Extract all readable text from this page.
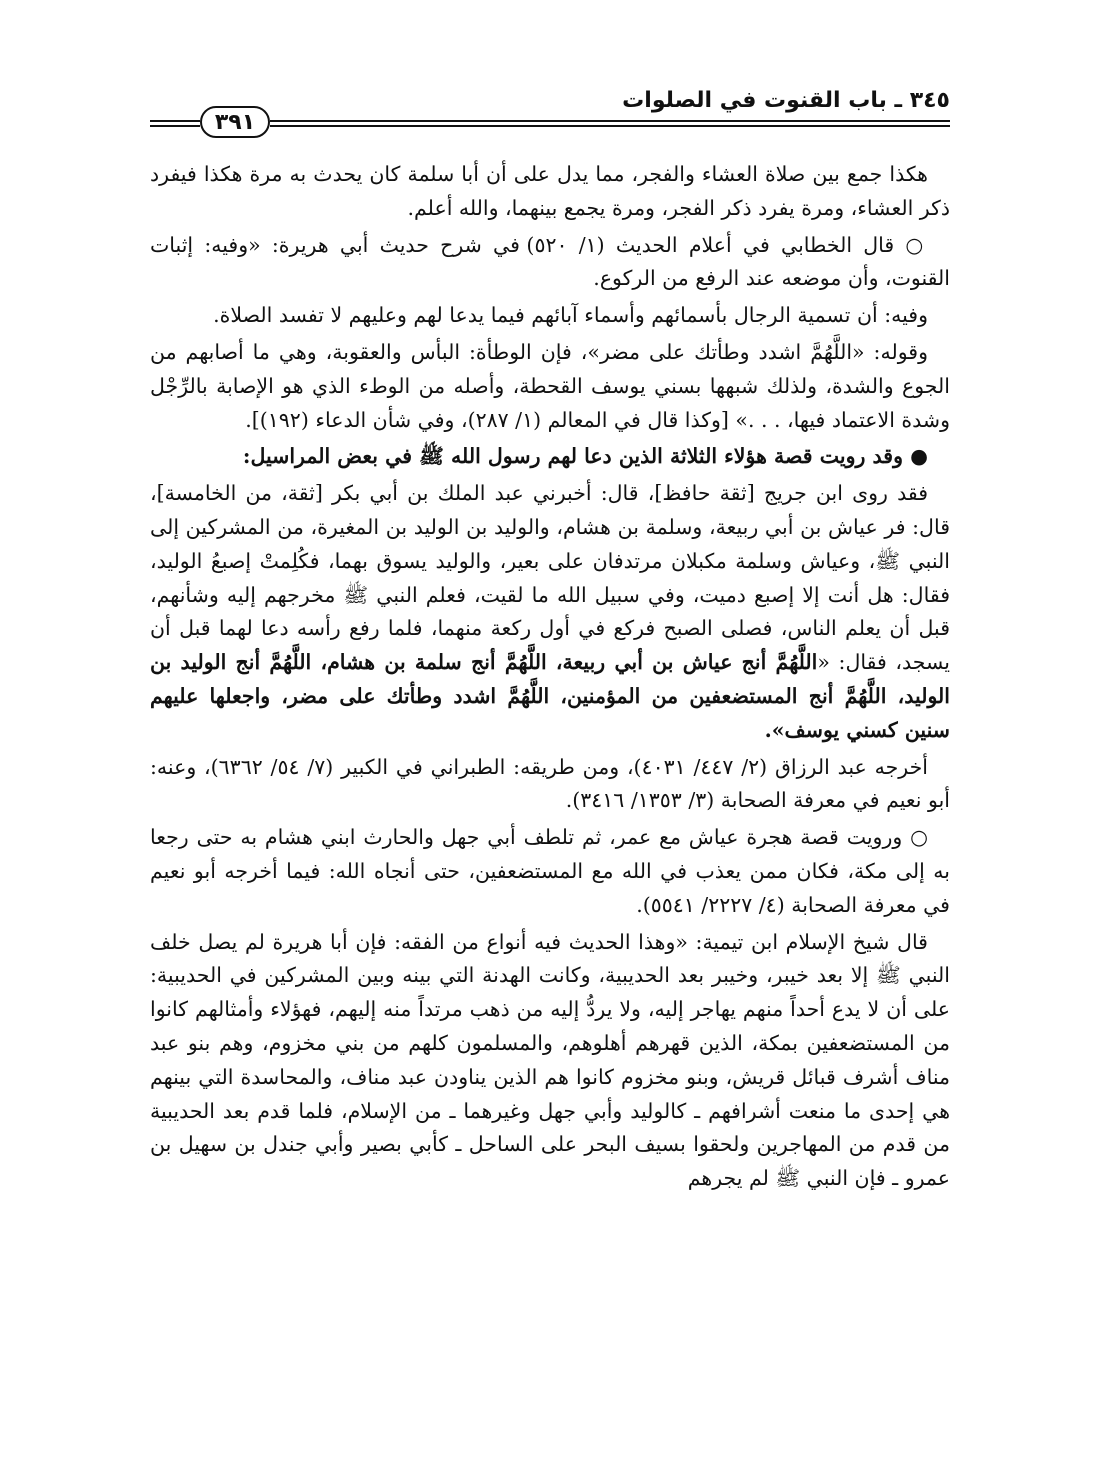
٣٤٥ ـ باب القنوت في الصلوات
٣٩١

هكذا جمع بين صلاة العشاء والفجر، مما يدل على أن أبا سلمة كان يحدث به مرة هكذا فيفرد ذكر العشاء، ومرة يفرد ذكر الفجر، ومرة يجمع بينهما، والله أعلم.

○ قال الخطابي في أعلام الحديث (١/ ٥٢٠) في شرح حديث أبي هريرة: «وفيه: إثبات القنوت، وأن موضعه عند الرفع من الركوع.

وفيه: أن تسمية الرجال بأسمائهم وأسماء آبائهم فيما يدعا لهم وعليهم لا تفسد الصلاة.

وقوله: «اللَّهُمَّ اشدد وطأتك على مضر»، فإن الوطأة: البأس والعقوبة، وهي ما أصابهم من الجوع والشدة، ولذلك شبهها بسني يوسف القحطة، وأصله من الوطء الذي هو الإصابة بالرِّجْل وشدة الاعتماد فيها، . . .» [وكذا قال في المعالم (١/ ٢٨٧)، وفي شأن الدعاء (١٩٢)].

● وقد رويت قصة هؤلاء الثلاثة الذين دعا لهم رسول الله ﷺ في بعض المراسيل:

فقد روى ابن جريج [ثقة حافظ]، قال: أخبرني عبد الملك بن أبي بكر [ثقة، من الخامسة]، قال: فر عياش بن أبي ربيعة، وسلمة بن هشام، والوليد بن الوليد بن المغيرة، من المشركين إلى النبي ﷺ، وعياش وسلمة مكبلان مرتدفان على بعير، والوليد يسوق بهما، فكُلِمتْ إصبعُ الوليد، فقال: هل أنت إلا إصبع دميت، وفي سبيل الله ما لقيت، فعلم النبي ﷺ مخرجهم إليه وشأنهم، قبل أن يعلم الناس، فصلى الصبح فركع في أول ركعة منهما، فلما رفع رأسه دعا لهما قبل أن يسجد، فقال: «اللَّهُمَّ أنج عياش بن أبي ربيعة، اللَّهُمَّ أنج سلمة بن هشام، اللَّهُمَّ أنج الوليد بن الوليد، اللَّهُمَّ أنج المستضعفين من المؤمنين، اللَّهُمَّ اشدد وطأتك على مضر، واجعلها عليهم سنين كسني يوسف».

أخرجه عبد الرزاق (٢/ ٤٤٧/ ٤٠٣١)، ومن طريقه: الطبراني في الكبير (٧/ ٥٤/ ٦٣٦٢)، وعنه: أبو نعيم في معرفة الصحابة (٣/ ١٣٥٣/ ٣٤١٦).

○ ورويت قصة هجرة عياش مع عمر، ثم تلطف أبي جهل والحارث ابني هشام به حتى رجعا به إلى مكة، فكان ممن يعذب في الله مع المستضعفين، حتى أنجاه الله: فيما أخرجه أبو نعيم في معرفة الصحابة (٤/ ٢٢٢٧/ ٥٥٤١).

قال شيخ الإسلام ابن تيمية: «وهذا الحديث فيه أنواع من الفقه: فإن أبا هريرة لم يصل خلف النبي ﷺ إلا بعد خيبر، وخيبر بعد الحديبية، وكانت الهدنة التي بينه وبين المشركين في الحديبية: على أن لا يدع أحداً منهم يهاجر إليه، ولا يردُّ إليه من ذهب مرتداً منه إليهم، فهؤلاء وأمثالهم كانوا من المستضعفين بمكة، الذين قهرهم أهلوهم، والمسلمون كلهم من بني مخزوم، وهم بنو عبد مناف أشرف قبائل قريش، وبنو مخزوم كانوا هم الذين يناودن عبد مناف، والمحاسدة التي بينهم هي إحدى ما منعت أشرافهم ـ كالوليد وأبي جهل وغيرهما ـ من الإسلام، فلما قدم بعد الحديبية من قدم من المهاجرين ولحقوا بسيف البحر على الساحل ـ كأبي بصير وأبي جندل بن سهيل بن عمرو ـ فإن النبي ﷺ لم يجرهم
